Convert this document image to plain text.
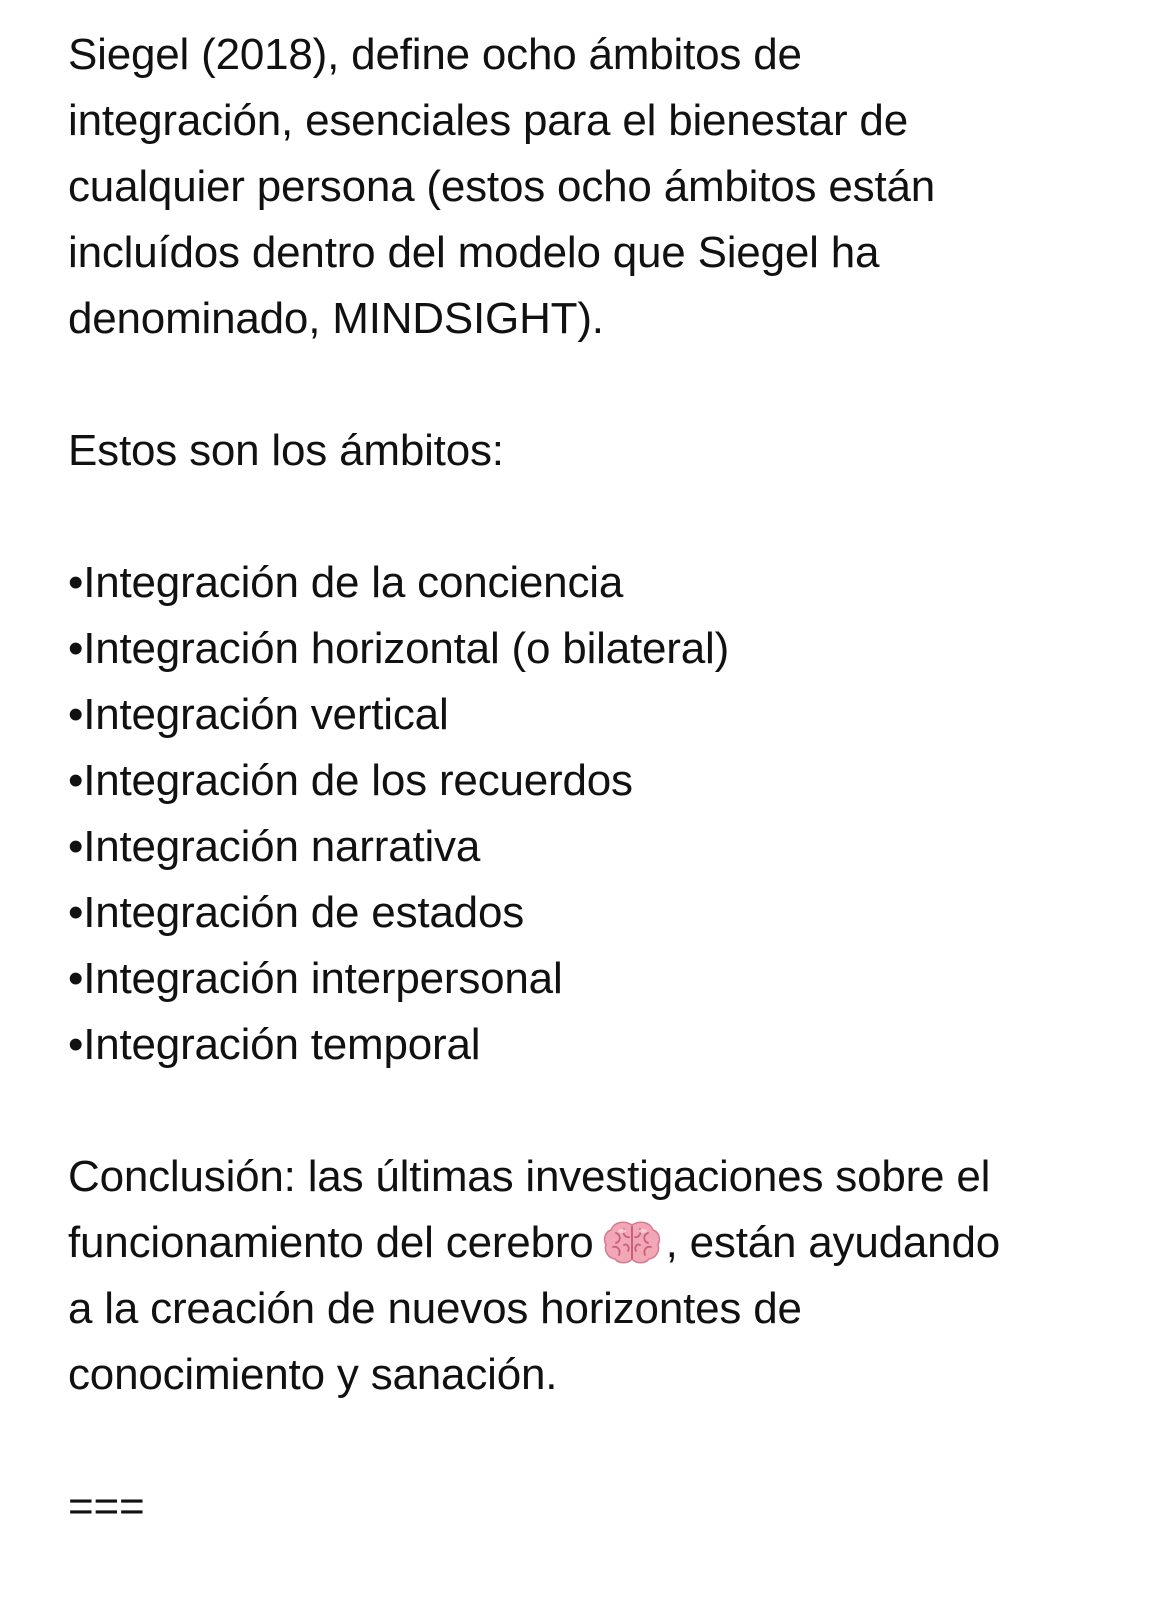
Siegel (2018), define ocho ámbitos de

integración, esenciales para el bienestar de

cualquier persona (estos ocho ámbitos están

incluídos dentro del modelo que Siegel ha

denominado, MINDSIGHT).

Estos son los ámbitos:

•Integración de la conciencia
•Integración horizontal (o bilateral)
•Integración vertical
•Integración de los recuerdos
•Integración narrativa
•Integración de estados
•Integración interpersonal
•Integración temporal

Conclusión: las últimas investigaciones sobre el

funcionamiento del cerebro , están ayudando

a la creación de nuevos horizontes de

conocimiento y sanación.

===
